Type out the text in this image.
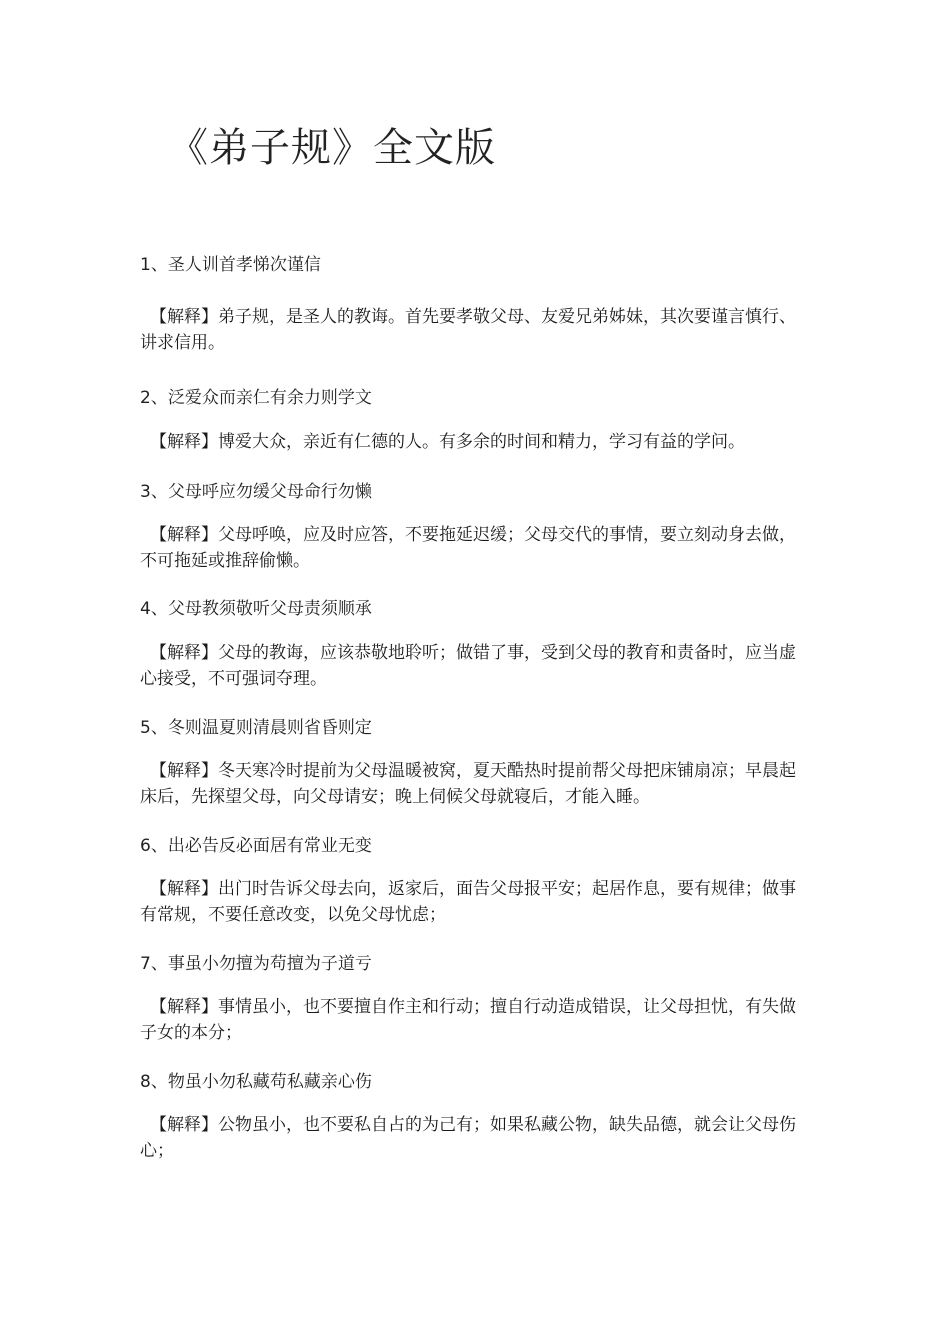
《弟子规》全文版
1、圣人训首孝悌次谨信
【解释】弟子规，是圣人的教诲。首先要孝敬父母、友爱兄弟姊妹，其次要谨言慎行、讲求信用。
2、泛爱众而亲仁有余力则学文
【解释】博爱大众，亲近有仁德的人。有多余的时间和精力，学习有益的学问。
3、父母呼应勿缓父母命行勿懒
【解释】父母呼唤，应及时应答，不要拖延迟缓；父母交代的事情，要立刻动身去做，不可拖延或推辞偷懒。
4、父母教须敬听父母责须顺承
【解释】父母的教诲，应该恭敬地聆听；做错了事，受到父母的教育和责备时，应当虚心接受，不可强词夺理。
5、冬则温夏则清晨则省昏则定
【解释】冬天寒冷时提前为父母温暖被窝，夏天酷热时提前帮父母把床铺扇凉；早晨起床后，先探望父母，向父母请安；晚上伺候父母就寝后，才能入睡。
6、出必告反必面居有常业无变
【解释】出门时告诉父母去向，返家后，面告父母报平安；起居作息，要有规律；做事有常规，不要任意改变，以免父母忧虑；
7、事虽小勿擅为苟擅为子道亏
【解释】事情虽小，也不要擅自作主和行动；擅自行动造成错误，让父母担忧，有失做子女的本分；
8、物虽小勿私藏苟私藏亲心伤
【解释】公物虽小，也不要私自占的为己有；如果私藏公物，缺失品德，就会让父母伤心；
